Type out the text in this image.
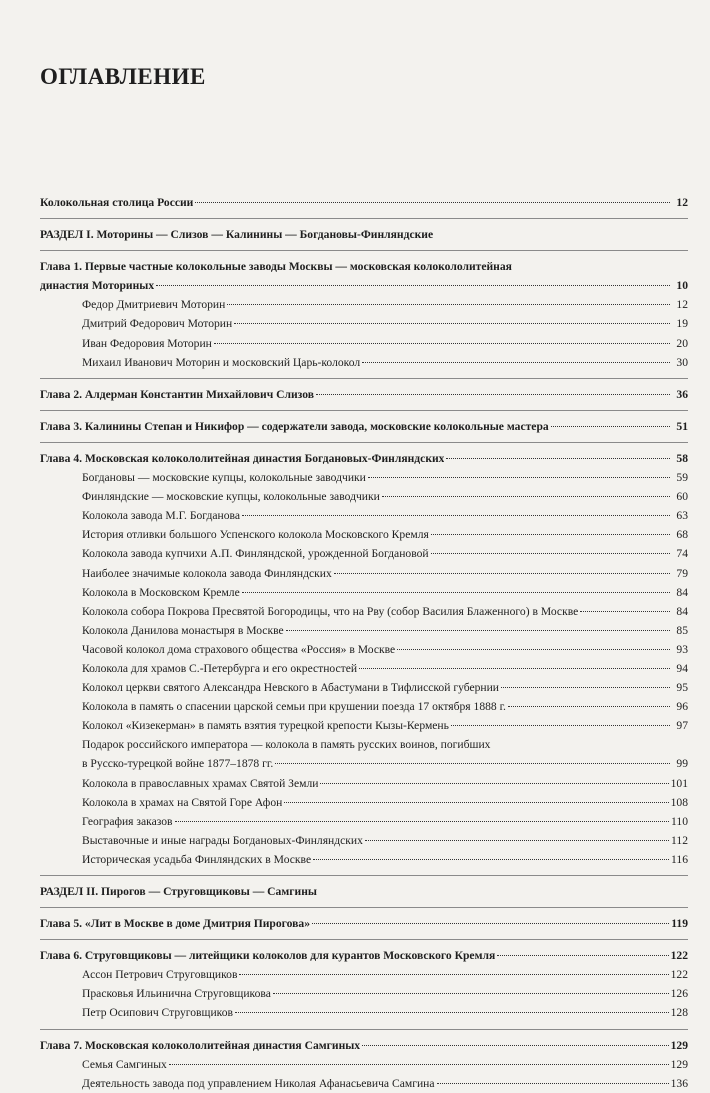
ОГЛАВЛЕНИЕ
Колокольная столица России	12
РАЗДЕЛ I. Моторины — Слизов — Калинины — Богдановы-Финляндские
Глава 1. Первые частные колокольные заводы Москвы — московская колокололитейная
династия Моториных	10
Федор Дмитриевич Моторин	12
Дмитрий Федорович Моторин	19
Иван Федоровия Моторин	20
Михаил Иванович Моторин и московский Царь-колокол	30
Глава 2. Алдерман Константин Михайлович Слизов	36
Глава 3. Калинины Степан и Никифор — содержатели завода, московские колокольные мастера	51
Глава 4. Московская колокололитейная династия Богдановых-Финляндских	58
Богдановы — московские купцы, колокольные заводчики	59
Финляндские — московские купцы, колокольные заводчики	60
Колокола завода М.Г. Богданова	63
История отливки большого Успенского колокола Московского Кремля	68
Колокола завода купчихи А.П. Финляндской, урожденной Богдановой	74
Наиболее значимые колокола завода Финляндских	79
Колокола в Московском Кремле	84
Колокола собора Покрова Пресвятой Богородицы, что на Рву (собор Василия Блаженного) в Москве	84
Колокола Данилова монастыря в Москве	85
Часовой колокол дома страхового общества «Россия» в Москве	93
Колокола для храмов С.-Петербурга и его окрестностей	94
Колокол церкви святого Александра Невского в Абастумани в Тифлисской губернии	95
Колокола в память о спасении царской семьи при крушении поезда 17 октября 1888 г.	96
Колокол «Кизекерман» в память взятия турецкой крепости Кызы-Кермень	97
Подарок российского императора — колокола в память русских воинов, погибших
в Русско-турецкой войне 1877–1878 гг.	99
Колокола в православных храмах Святой Земли	101
Колокола в храмах на Святой Горе Афон	108
География заказов	110
Выставочные и иные награды Богдановых-Финляндских	112
Историческая усадьба Финляндских в Москве	116
РАЗДЕЛ II. Пирогов — Струговщиковы — Самгины
Глава 5. «Лит в Москве в доме Дмитрия Пирогова»	119
Глава 6. Струговщиковы — литейщики колоколов для курантов Московского Кремля	122
Ассон Петрович Струговщиков	122
Прасковья Ильинична Струговщикова	126
Петр Осипович Струговщиков	128
Глава 7. Московская колокололитейная династия Самгиных	129
Семья Самгиных	129
Деятельность завода под управлением Николая Афанасьевича Самгина	136
